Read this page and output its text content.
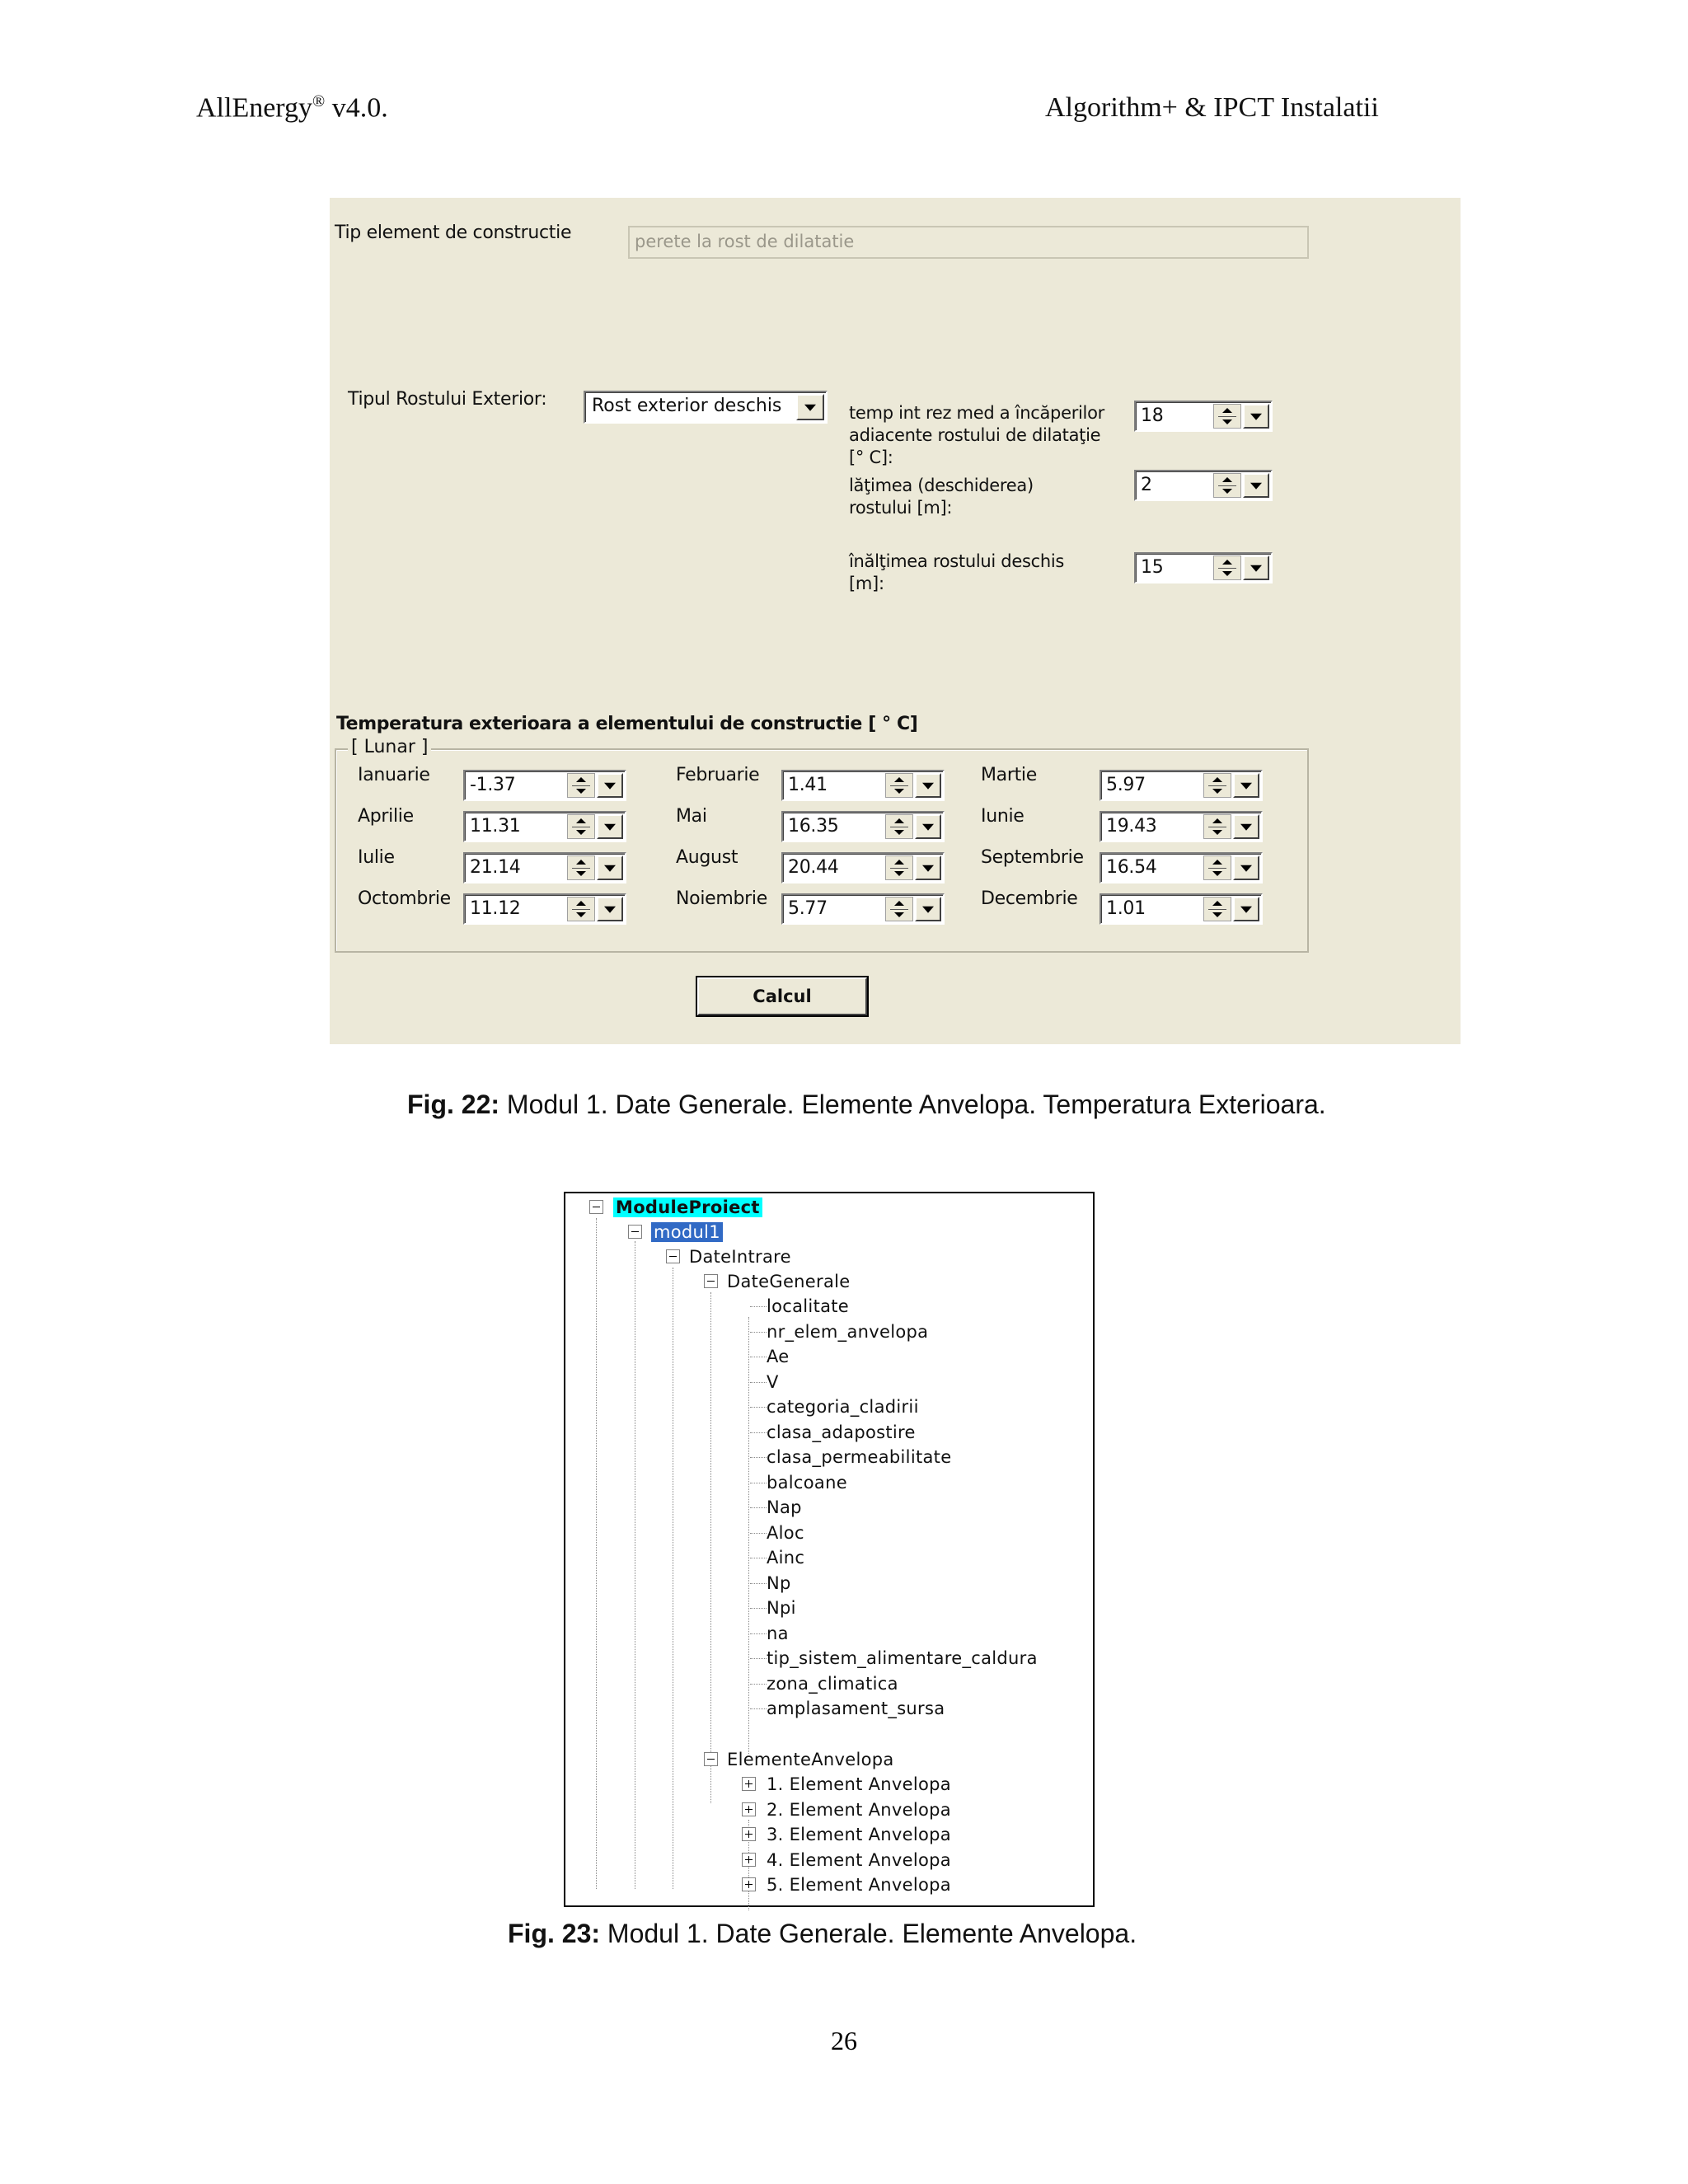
AllEnergy® v4.0.	Algorithm+ & IPCT Instalatii
Tip element de constructie	perete la rost de dilatatie
Tipul Rostului Exterior:	Rost exterior deschis	temp int rez med a încăperilor adiacente rostului de dilataţie [° C]:
18
lăţimea (deschiderea) rostului [m]:
2
înălţimea rostului deschis [m]:
15
Temperatura exterioara a elementului de constructie [ ° C]
[ Lunar ]
Ianuarie -1.37	Februarie 1.41	Martie	5.97
Aprilie	11.31	Mai	16.35	Iunie	19.43
Iulie	21.14	August	20.44	Septembrie 16.54
Octombrie 11.12	Noiembrie 5.77	Decembrie 1.01
Calcul
Fig. 22: Modul 1. Date Generale. Elemente Anvelopa. Temperatura Exterioara.
ModuleProiect
modul1
DateIntrare
DateGenerale
localitate
nr_elem_anvelopa
Ae
V
categoria_cladirii
clasa_adapostire
clasa_permeabilitate
balcoane
Nap
Aloc
Ainc
Np
Npi
na
tip_sistem_alimentare_caldura
zona_climatica
amplasament_sursa
ElementeAnvelopa
1. Element Anvelopa
2. Element Anvelopa
3. Element Anvelopa
4. Element Anvelopa
5. Element Anvelopa
Fig. 23: Modul 1. Date Generale. Elemente Anvelopa.
26
